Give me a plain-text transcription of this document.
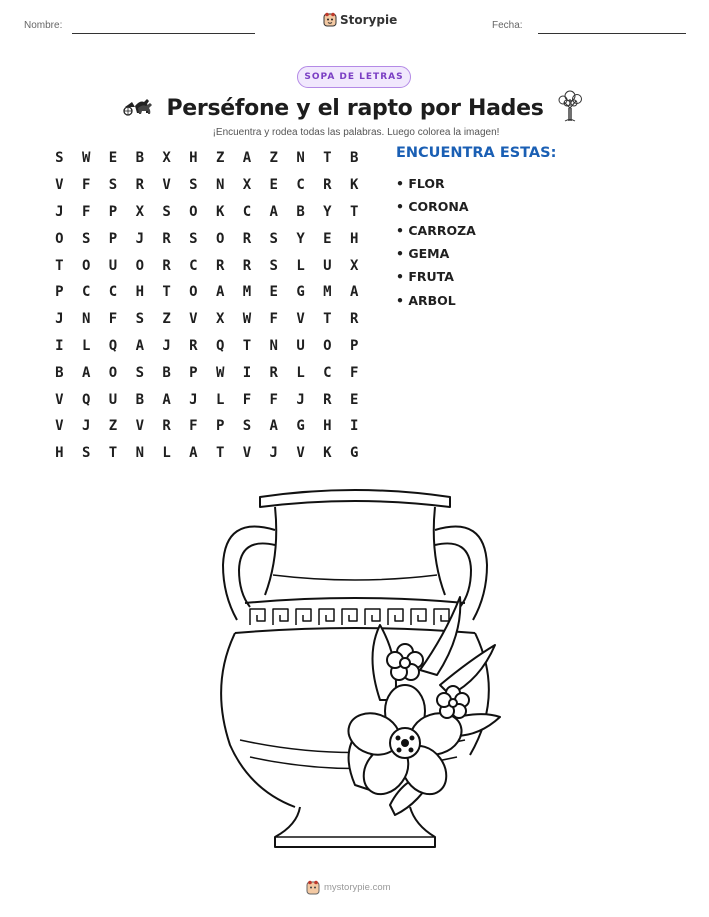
Nombre:	Storypie	Fecha:
SOPA DE LETRAS
Perséfone y el rapto por Hades
¡Encuentra y rodea todas las palabras. Luego colorea la imagen!
S	W	E	B	X	H	Z	A	Z	N	T	B
V	F	S	R	V	S	N	X	E	C	R	K
J	F	P	X	S	O	K	C	A	B	Y	T
O	S	P	J	R	S	O	R	S	Y	E	H
T	O	U	O	R	C	R	R	S	L	U	X
P	C	C	H	T	O	A	M	E	G	M	A
J	N	F	S	Z	V	X	W	F	V	T	R
I	L	Q	A	J	R	Q	T	N	U	O	P
B	A	O	S	B	P	W	I	R	L	C	F
V	Q	U	B	A	J	L	F	F	J	R	E
V	J	Z	V	R	F	P	S	A	G	H	I
H	S	T	N	L	A	T	V	J	V	K	G
ENCUENTRA ESTAS:
• FLOR
• CORONA
• CARROZA
• GEMA
• FRUTA
• ARBOL
mystorypie.com
